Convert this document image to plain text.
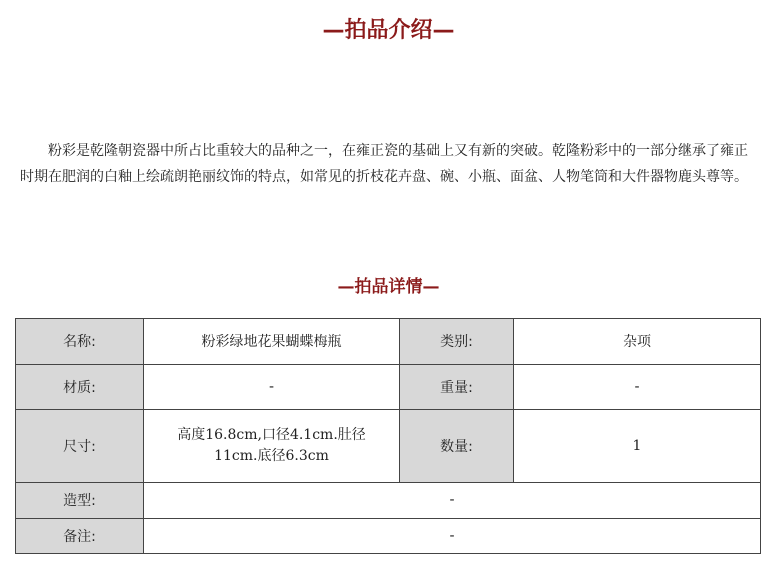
—拍品介绍—

粉彩是乾隆朝瓷器中所占比重较大的品种之一，在雍正瓷的基础上又有新的突破。乾隆粉彩中的一部分继承了雍正时期在肥润的白釉上绘疏朗艳丽纹饰的特点，如常见的折枝花卉盘、碗、小瓶、面盆、人物笔筒和大件器物鹿头尊等。

—拍品详情—
名称:	粉彩绿地花果蝴蝶梅瓶	类别:	杂项
材质:	-	重量:	-
尺寸:	高度16.8cm,口径4.1cm.肚径11cm.底径6.3cm	数量:	1
造型:	-		
备注:	-		
